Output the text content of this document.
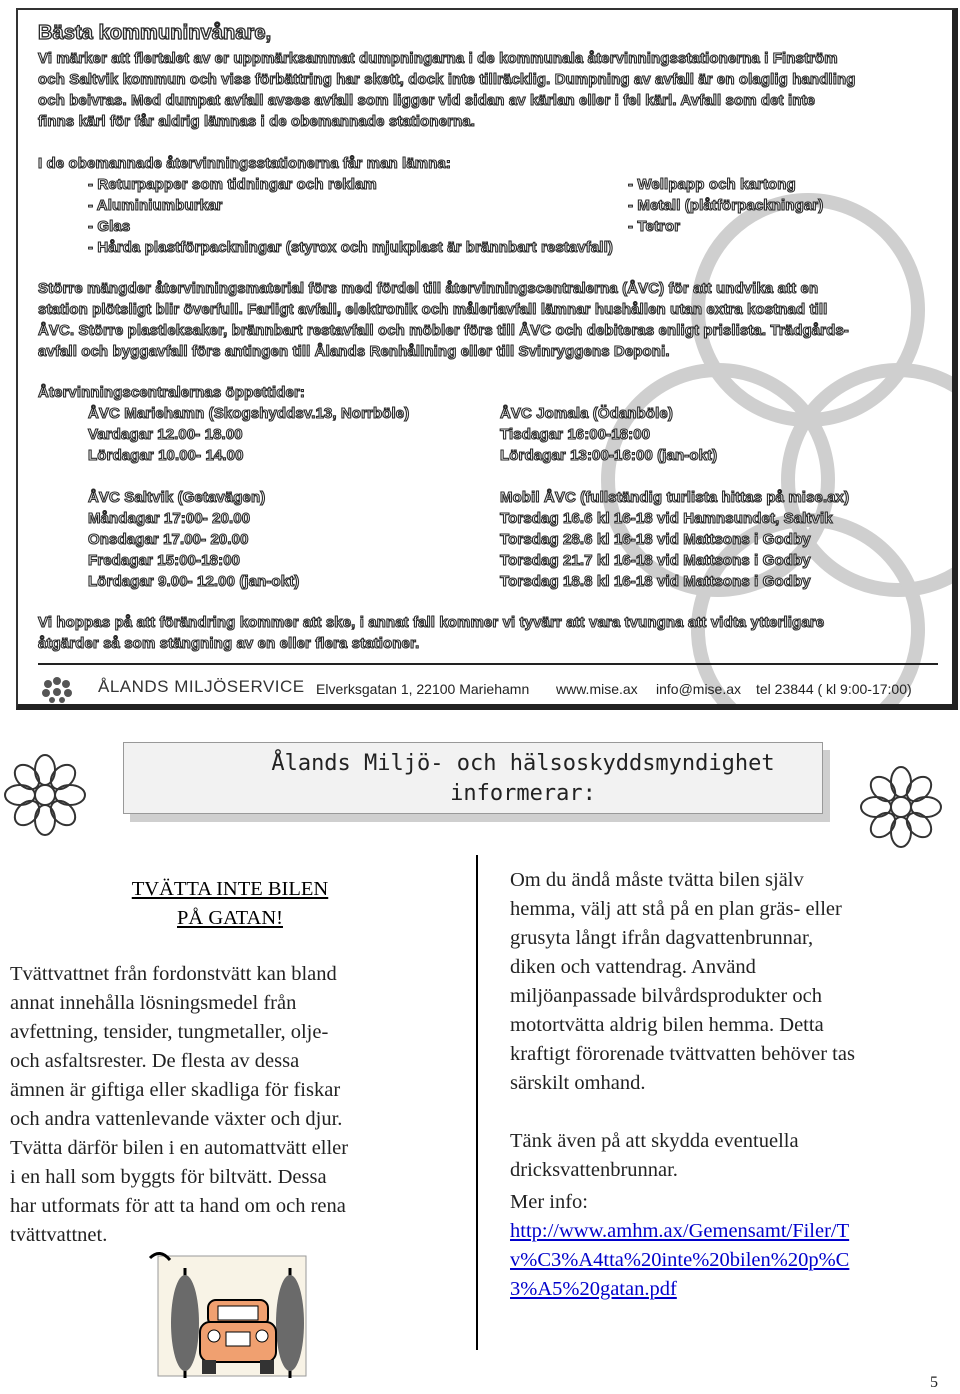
Bästa kommuninvånare,
Vi märker att flertalet av er uppmärksammat dumpningarna i de kommunala återvinningsstationerna i Finström
och Saltvik kommun och viss förbättring har skett, dock inte tillräcklig. Dumpning av avfall är en olaglig handling
och beivras. Med dumpat avfall avses avfall som ligger vid sidan av kärlan eller i fel kärl. Avfall som det inte
finns kärl för får aldrig lämnas i de obemannade stationerna.
I de obemannade återvinningsstationerna får man lämna:
- Returpapper som tidningar och reklam
- Aluminiumburkar
- Glas
- Hårda plastförpackningar (styrox och mjukplast är brännbart restavfall)
- Wellpapp och kartong
- Metall (plåtförpackningar)
- Tetror
Större mängder återvinningsmaterial förs med fördel till återvinningscentralerna (ÅVC) för att undvika att en
station plötsligt blir överfull. Farligt avfall, elektronik och måleriavfall lämnar hushållen utan extra kostnad till
ÅVC. Större plastleksaker, brännbart restavfall och möbler förs till ÅVC och debiteras enligt prislista. Trädgårds-
avfall och byggavfall förs antingen till Ålands Renhållning eller till Svinryggens Deponi.
Återvinningscentralernas öppettider:
ÅVC Mariehamn (Skogshyddsv.13, Norrböle)
Vardagar 12.00- 18.00
Lördagar 10.00- 14.00
ÅVC Jomala (Ödanböle)
Tisdagar 16:00-18:00
Lördagar 13:00-16:00 (jan-okt)
ÅVC Saltvik (Getavägen)
Måndagar 17:00- 20.00
Onsdagar 17.00- 20.00
Fredagar 15:00-18:00
Lördagar 9.00- 12.00 (jan-okt)
Mobil ÅVC (fullständig turlista hittas på mise.ax)
Torsdag 16.6 kl 16-18 vid Hamnsundet, Saltvik
Torsdag 28.6 kl 16-18 vid Mattsons i Godby
Torsdag 21.7 kl 16-18 vid Mattsons i Godby
Torsdag 18.8 kl 16-18 vid Mattsons i Godby
Vi hoppas på att förändring kommer att ske, i annat fall kommer vi tyvärr att vara tvungna att vidta ytterligare
åtgärder så som stängning av en eller flera stationer.
ÅLANDS MILJÖSERVICE Elverksgatan 1, 22100 Mariehamn www.mise.ax info@mise.ax tel 23844 ( kl 9:00-17:00)
Ålands Miljö- och hälsoskyddsmyndighet
informerar:
TVÄTTA INTE BILEN
PÅ GATAN!
Tvättvattnet från fordonstvätt kan bland
annat innehålla lösningsmedel från
avfettning, tensider, tungmetaller, olje-
och asfaltsrester. De flesta av dessa
ämnen är giftiga eller skadliga för fiskar
och andra vattenlevande växter och djur.
Tvätta därför bilen i en automattvätt eller
i en hall som byggts för biltvätt. Dessa
har utformats för att ta hand om och rena
tvättvattnet.

Om du ändå måste tvätta bilen själv

hemma, välj att stå på en plan gräs- eller

grusyta långt ifrån dagvattenbrunnar,

diken och vattendrag. Använd

miljöanpassade bilvårdsprodukter och

motortvätta aldrig bilen hemma. Detta

kraftigt förorenade tvättvatten behöver tas

särskilt omhand.

Tänk även på att skydda eventuella

dricksvattenbrunnar.

Mer info:

http://www.amhm.ax/Gemensamt/Filer/T

v%C3%A4tta%20inte%20bilen%20p%C

3%A5%20gatan.pdf

5
